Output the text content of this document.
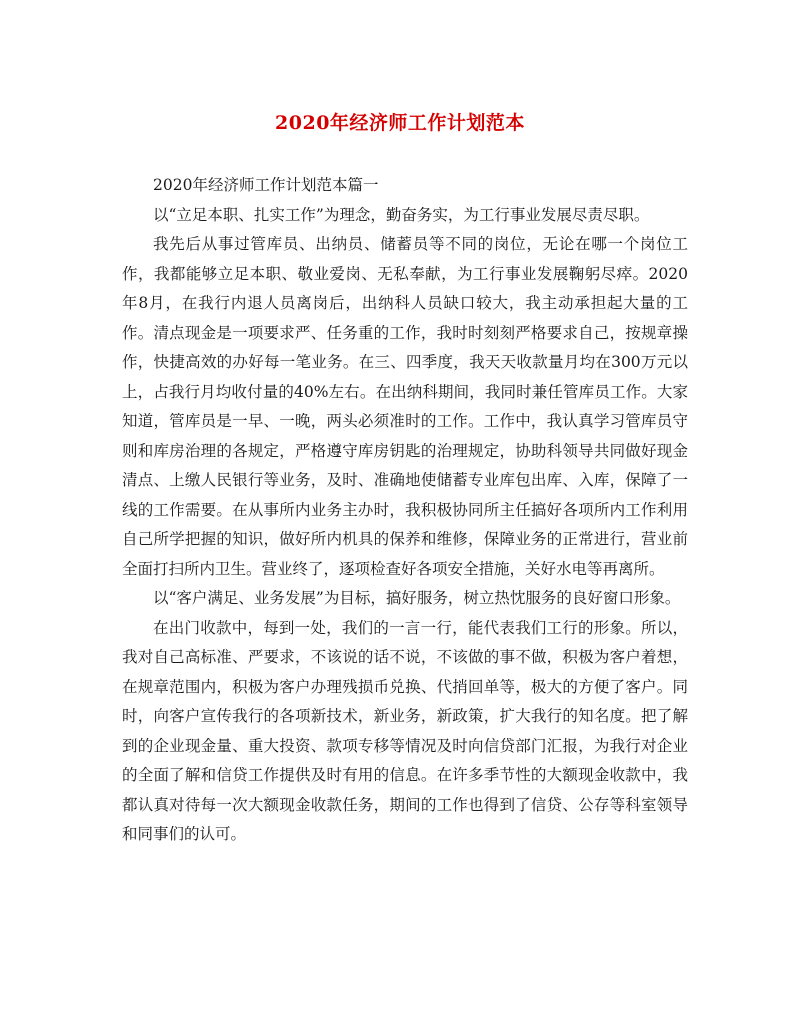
2020年经济师工作计划范本

2020年经济师工作计划范本篇一

以“立足本职、扎实工作”为理念，勤奋务实，为工行事业发展尽责尽职。

我先后从事过管库员、出纳员、储蓄员等不同的岗位，无论在哪一个岗位工作，我都能够立足本职、敬业爱岗、无私奉献，为工行事业发展鞠躬尽瘁。2020年8月，在我行内退人员离岗后，出纳科人员缺口较大，我主动承担起大量的工作。清点现金是一项要求严、任务重的工作，我时时刻刻严格要求自己，按规章操作，快捷高效的办好每一笔业务。在三、四季度，我天天收款量月均在300万元以上，占我行月均收付量的40%左右。在出纳科期间，我同时兼任管库员工作。大家知道，管库员是一早、一晚，两头必须准时的工作。工作中，我认真学习管库员守则和库房治理的各规定，严格遵守库房钥匙的治理规定，协助科领导共同做好现金清点、上缴人民银行等业务，及时、准确地使储蓄专业库包出库、入库，保障了一线的工作需要。在从事所内业务主办时，我积极协同所主任搞好各项所内工作利用自己所学把握的知识，做好所内机具的保养和维修，保障业务的正常进行，营业前全面打扫所内卫生。营业终了，逐项检查好各项安全措施，关好水电等再离所。

以“客户满足、业务发展”为目标，搞好服务，树立热忱服务的良好窗口形象。

在出门收款中，每到一处，我们的一言一行，能代表我们工行的形象。所以，我对自己高标准、严要求，不该说的话不说，不该做的事不做，积极为客户着想，在规章范围内，积极为客户办理残损币兑换、代捎回单等，极大的方便了客户。同时，向客户宣传我行的各项新技术，新业务，新政策，扩大我行的知名度。把了解到的企业现金量、重大投资、款项专移等情况及时向信贷部门汇报，为我行对企业的全面了解和信贷工作提供及时有用的信息。在许多季节性的大额现金收款中，我都认真对待每一次大额现金收款任务，期间的工作也得到了信贷、公存等科室领导和同事们的认可。
